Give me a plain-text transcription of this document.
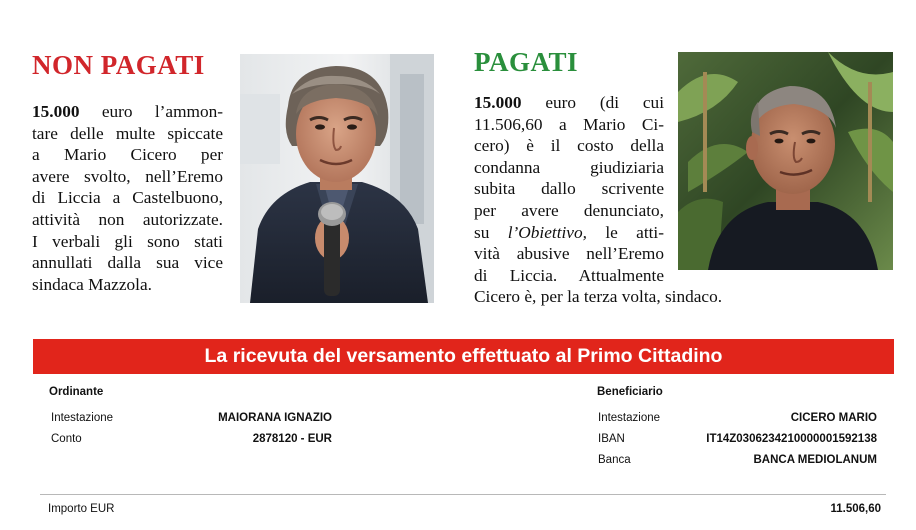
NON PAGATI
15.000 euro l’ammon-
tare delle multe spiccate
a Mario Cicero per
avere svolto, nell’Eremo
di Liccia a Castelbuono,
attività non autorizzate.
I verbali gli sono stati
annullati dalla sua vice
sindaca Mazzola.
PAGATI
15.000 euro (di cui
11.506,60 a Mario Ci-
cero) è il costo della
condanna giudiziaria
subita dallo scrivente
per avere denunciato,
su l’Obiettivo, le atti-
vità abusive nell’Eremo
di Liccia. Attualmente
Cicero è, per la terza volta, sindaco.
La ricevuta del versamento effettuato al Primo Cittadino
Ordinante
Intestazione	MAIORANA IGNAZIO
Conto	2878120 - EUR
Beneficiario
Intestazione	CICERO MARIO
IBAN	IT14Z0306234210000001592138
Banca	BANCA MEDIOLANUM
Importo EUR	11.506,60
